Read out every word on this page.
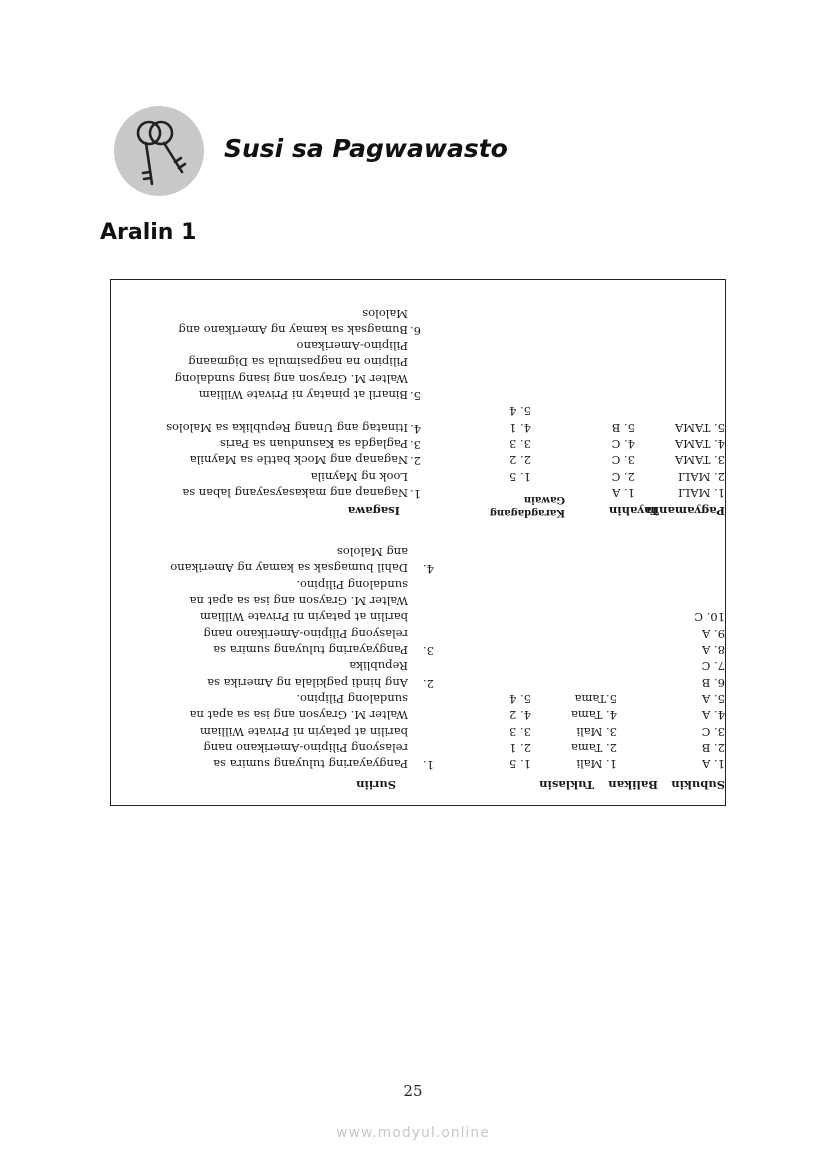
Susi sa Pagwawasto
Aralin 1
Suriin	Tuklasin Balikan Subukin
1.
Pangyayaring tuluyang sumira sa
relasyong Pilipino-Amerikano nang
barilin at patayin ni Private William
Walter M. Grayson ang isa sa apat na
sundalong Pilipino.
2.
Ang hindi pagkilala ng Amerika sa
Republika
3.
Pangyayaring tuluyang sumira sa
relasyong Pilipino-Amerikano nang
barilin at patayin ni Private William
Walter M. Grayson ang isa sa apat na
sundalong Pilipino.
4.
Dahil bumagsak sa kamay ng Amerikano
ang Malolos
1. 5
2. 1
3. 3
4. 2
5. 4
1. Mali
2. Tama
3. Mali
4. Tama
5.Tama
1. A
2. B
3. C
4. A
5. A
6. B
7. C
8. A
9. A
10. C
Isagawa	Karagdagang
Gawain
Tayahin
Pagyamanin
1.
Naganap ang makasaysayang laban sa
Look ng Maynila
2.
Naganap ang Mock battle sa Maynila
3.
Paglagda sa Kasunduan sa Paris
4.
Itinatag ang Unang Republika sa Malolos
5.
Binaril at pinatay ni Private William
Walter M. Grayson ang isang sundalong
Pilipino na nagpasimula sa Digmaang
Pilipino-Amerikano
6.
Bumagsak sa kamay ng Amerikano ang
Malolos
1. 5
2. 2
3. 3
4. 1
5. 4
1. A
2. C
3. C
4. C
5. B
1. MALI
2. MALI
3. TAMA
4. TAMA
5. TAMA
25
www.modyul.online
